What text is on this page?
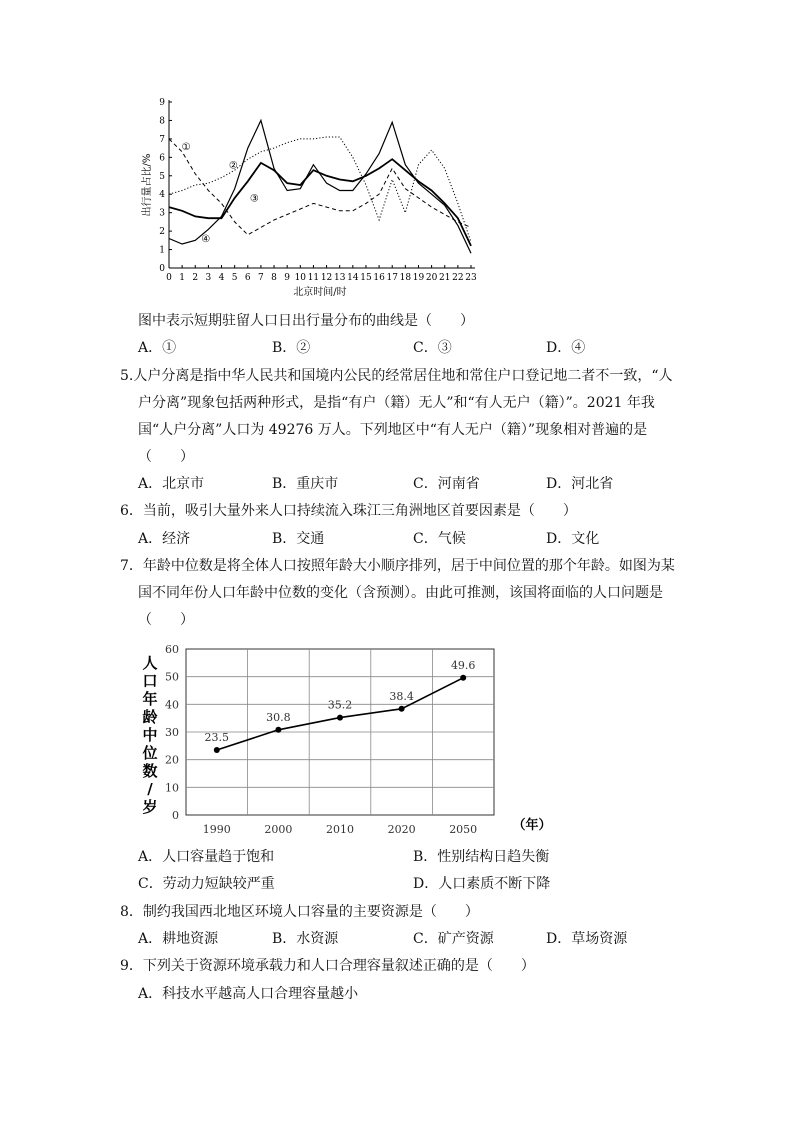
0
1
2
3
4
5
6
7
8
9
0 1 2 3 4 5 6 7 8 9 10 11 12 13 14 15 16 17 18 19 20 21 22 23
北京时间/时
出行量占比/%
①
②
③
④
图中表示短期驻留人口日出行量分布的曲线是（　　）
A．①	B．②	C．③	D．④
5.人户分离是指中华人民共和国境内公民的经常居住地和常住户口登记地二者不一致，“人
户分离”现象包括两种形式，是指“有户（籍）无人”和“有人无户（籍）”。2021 年我
国“人户分离”人口为 49276 万人。下列地区中“有人无户（籍）”现象相对普遍的是
（　　）
A．北京市	B．重庆市	C．河南省	D．河北省
6．当前，吸引大量外来人口持续流入珠江三角洲地区首要因素是（　　）
A．经济	B．交通	C．气候	D．文化
7．年龄中位数是将全体人口按照年龄大小顺序排列，居于中间位置的那个年龄。如图为某
国不同年份人口年龄中位数的变化（含预测）。由此可推测，该国将面临的人口问题是
（　　）
0
10
20
30
40
50
60
1990	2000	2010	2020	2050	（年）
人
口
年
龄
中
位
数
/
岁
23.5
30.8
35.2
38.4
49.6
A．人口容量趋于饱和	B．性别结构日趋失衡
C．劳动力短缺较严重	D．人口素质不断下降
8．制约我国西北地区环境人口容量的主要资源是（　　）
A．耕地资源	B．水资源	C．矿产资源	D．草场资源
9．下列关于资源环境承载力和人口合理容量叙述正确的是（　　）
A．科技水平越高人口合理容量越小
